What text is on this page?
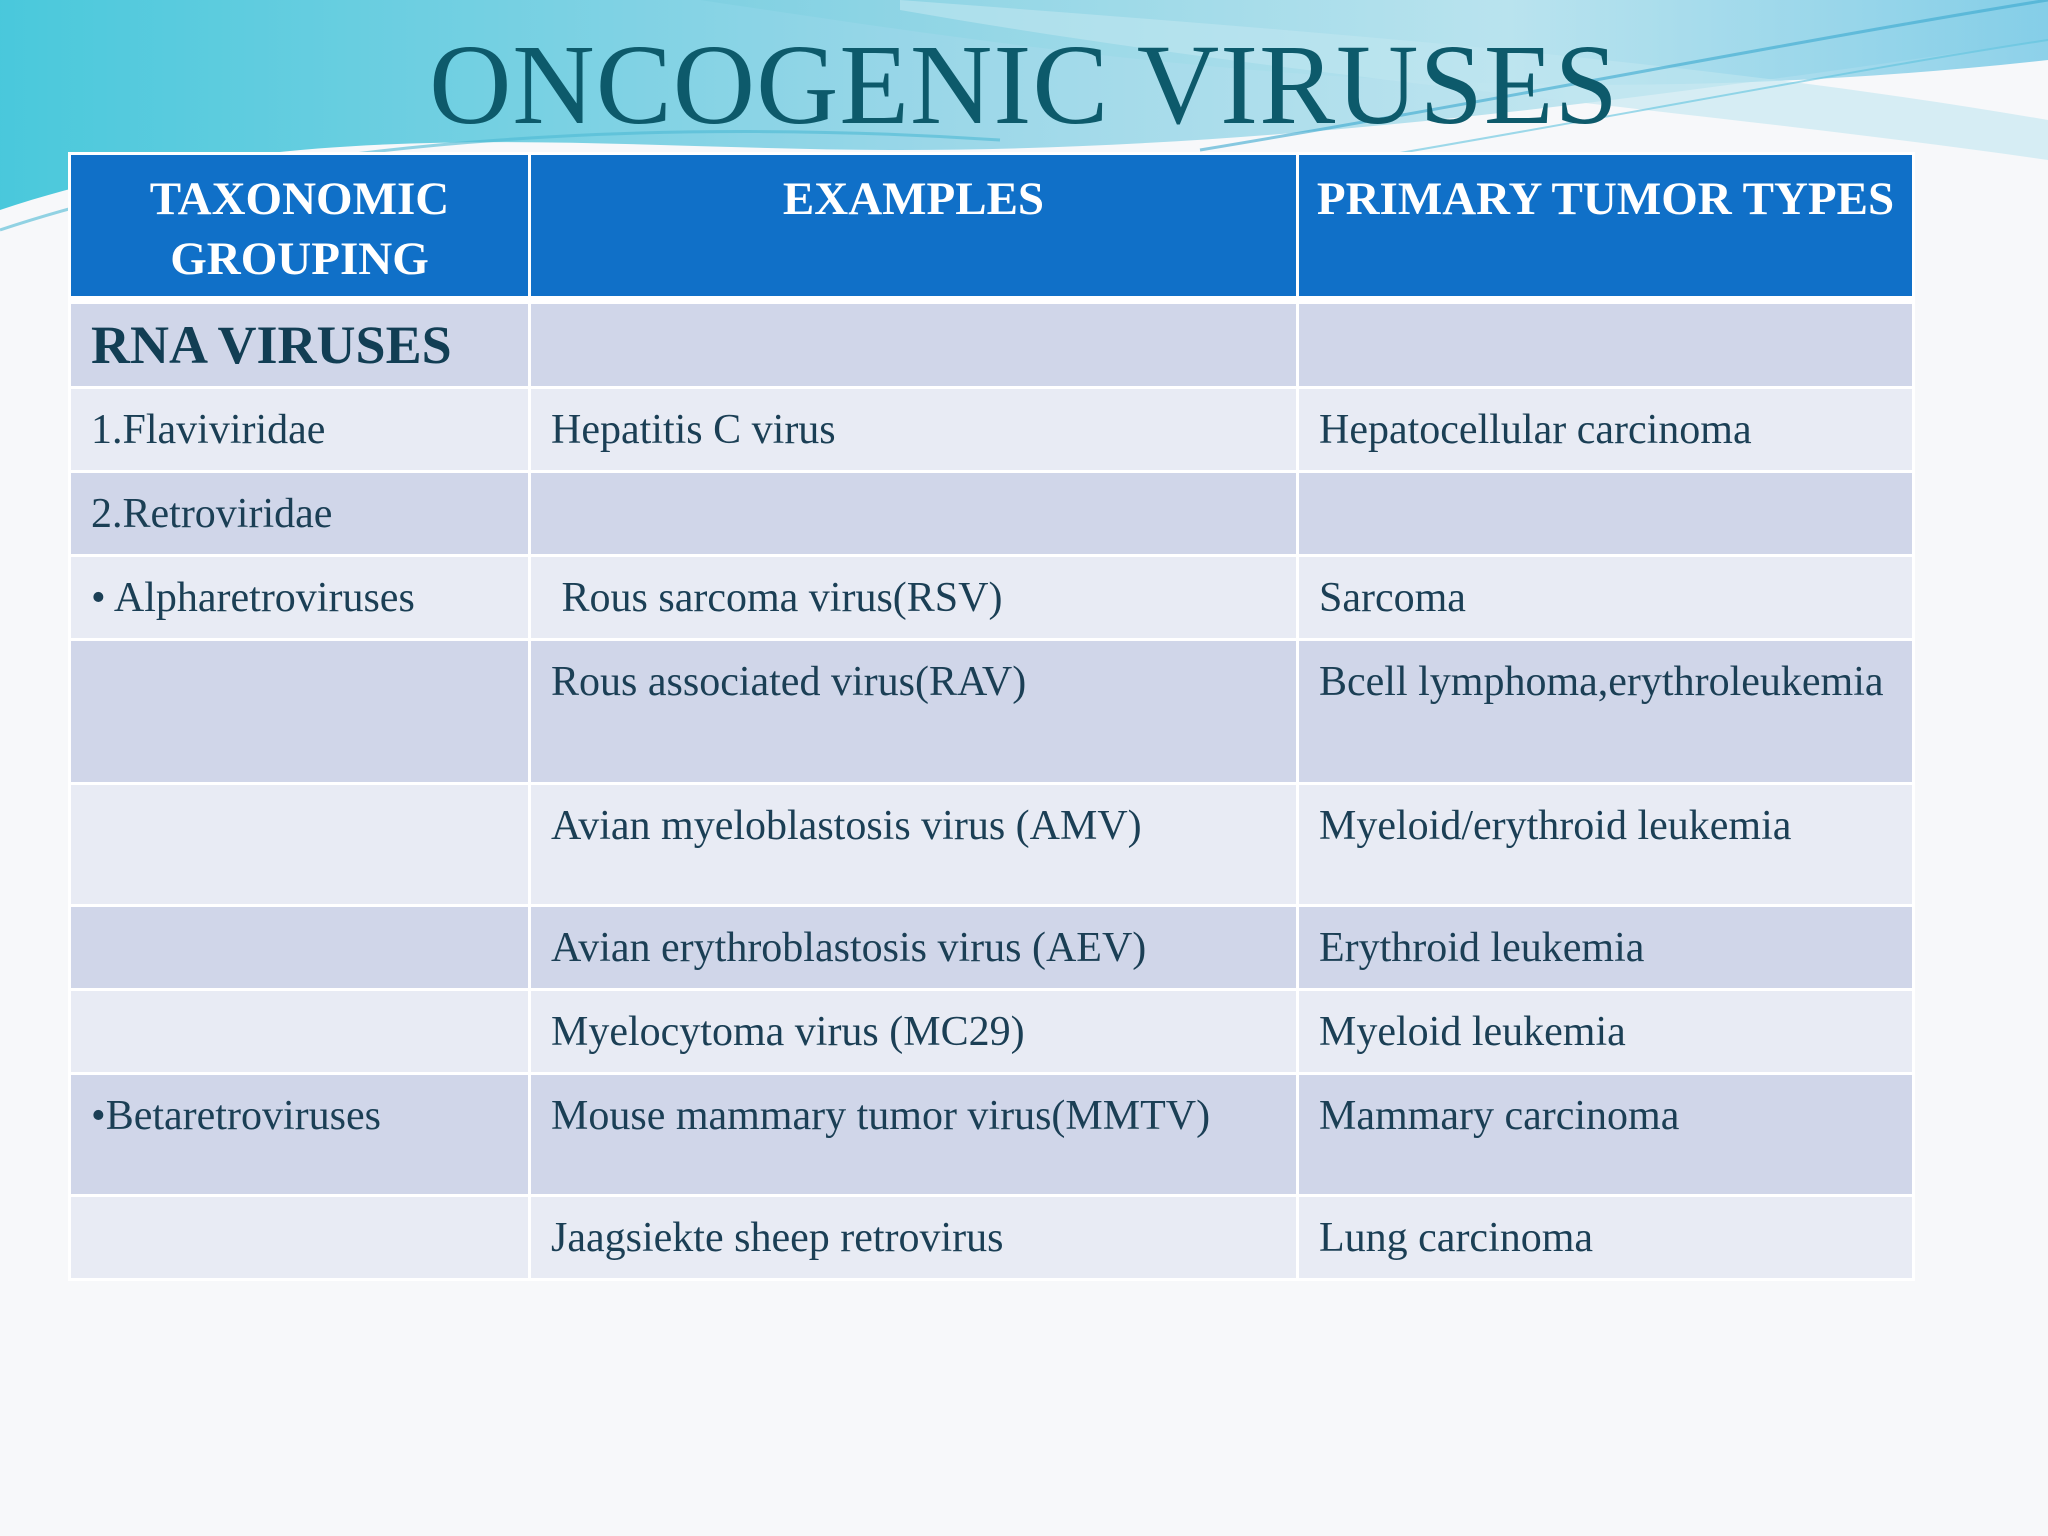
ONCOGENIC VIRUSES
TAXONOMIC GROUPING	EXAMPLES	PRIMARY TUMOR TYPES
RNA VIRUSES		
1.Flaviviridae	Hepatitis C virus	Hepatocellular carcinoma
2.Retroviridae		
• Alpharetroviruses	Rous sarcoma virus(RSV)	Sarcoma
	Rous associated virus(RAV)	Bcell lymphoma,erythroleukemia
	Avian myeloblastosis virus (AMV)	Myeloid/erythroid leukemia
	Avian erythroblastosis virus (AEV)	Erythroid leukemia
	Myelocytoma virus (MC29)	Myeloid leukemia
•Betaretroviruses	Mouse mammary tumor virus(MMTV)	Mammary carcinoma
	Jaagsiekte sheep retrovirus	Lung carcinoma
